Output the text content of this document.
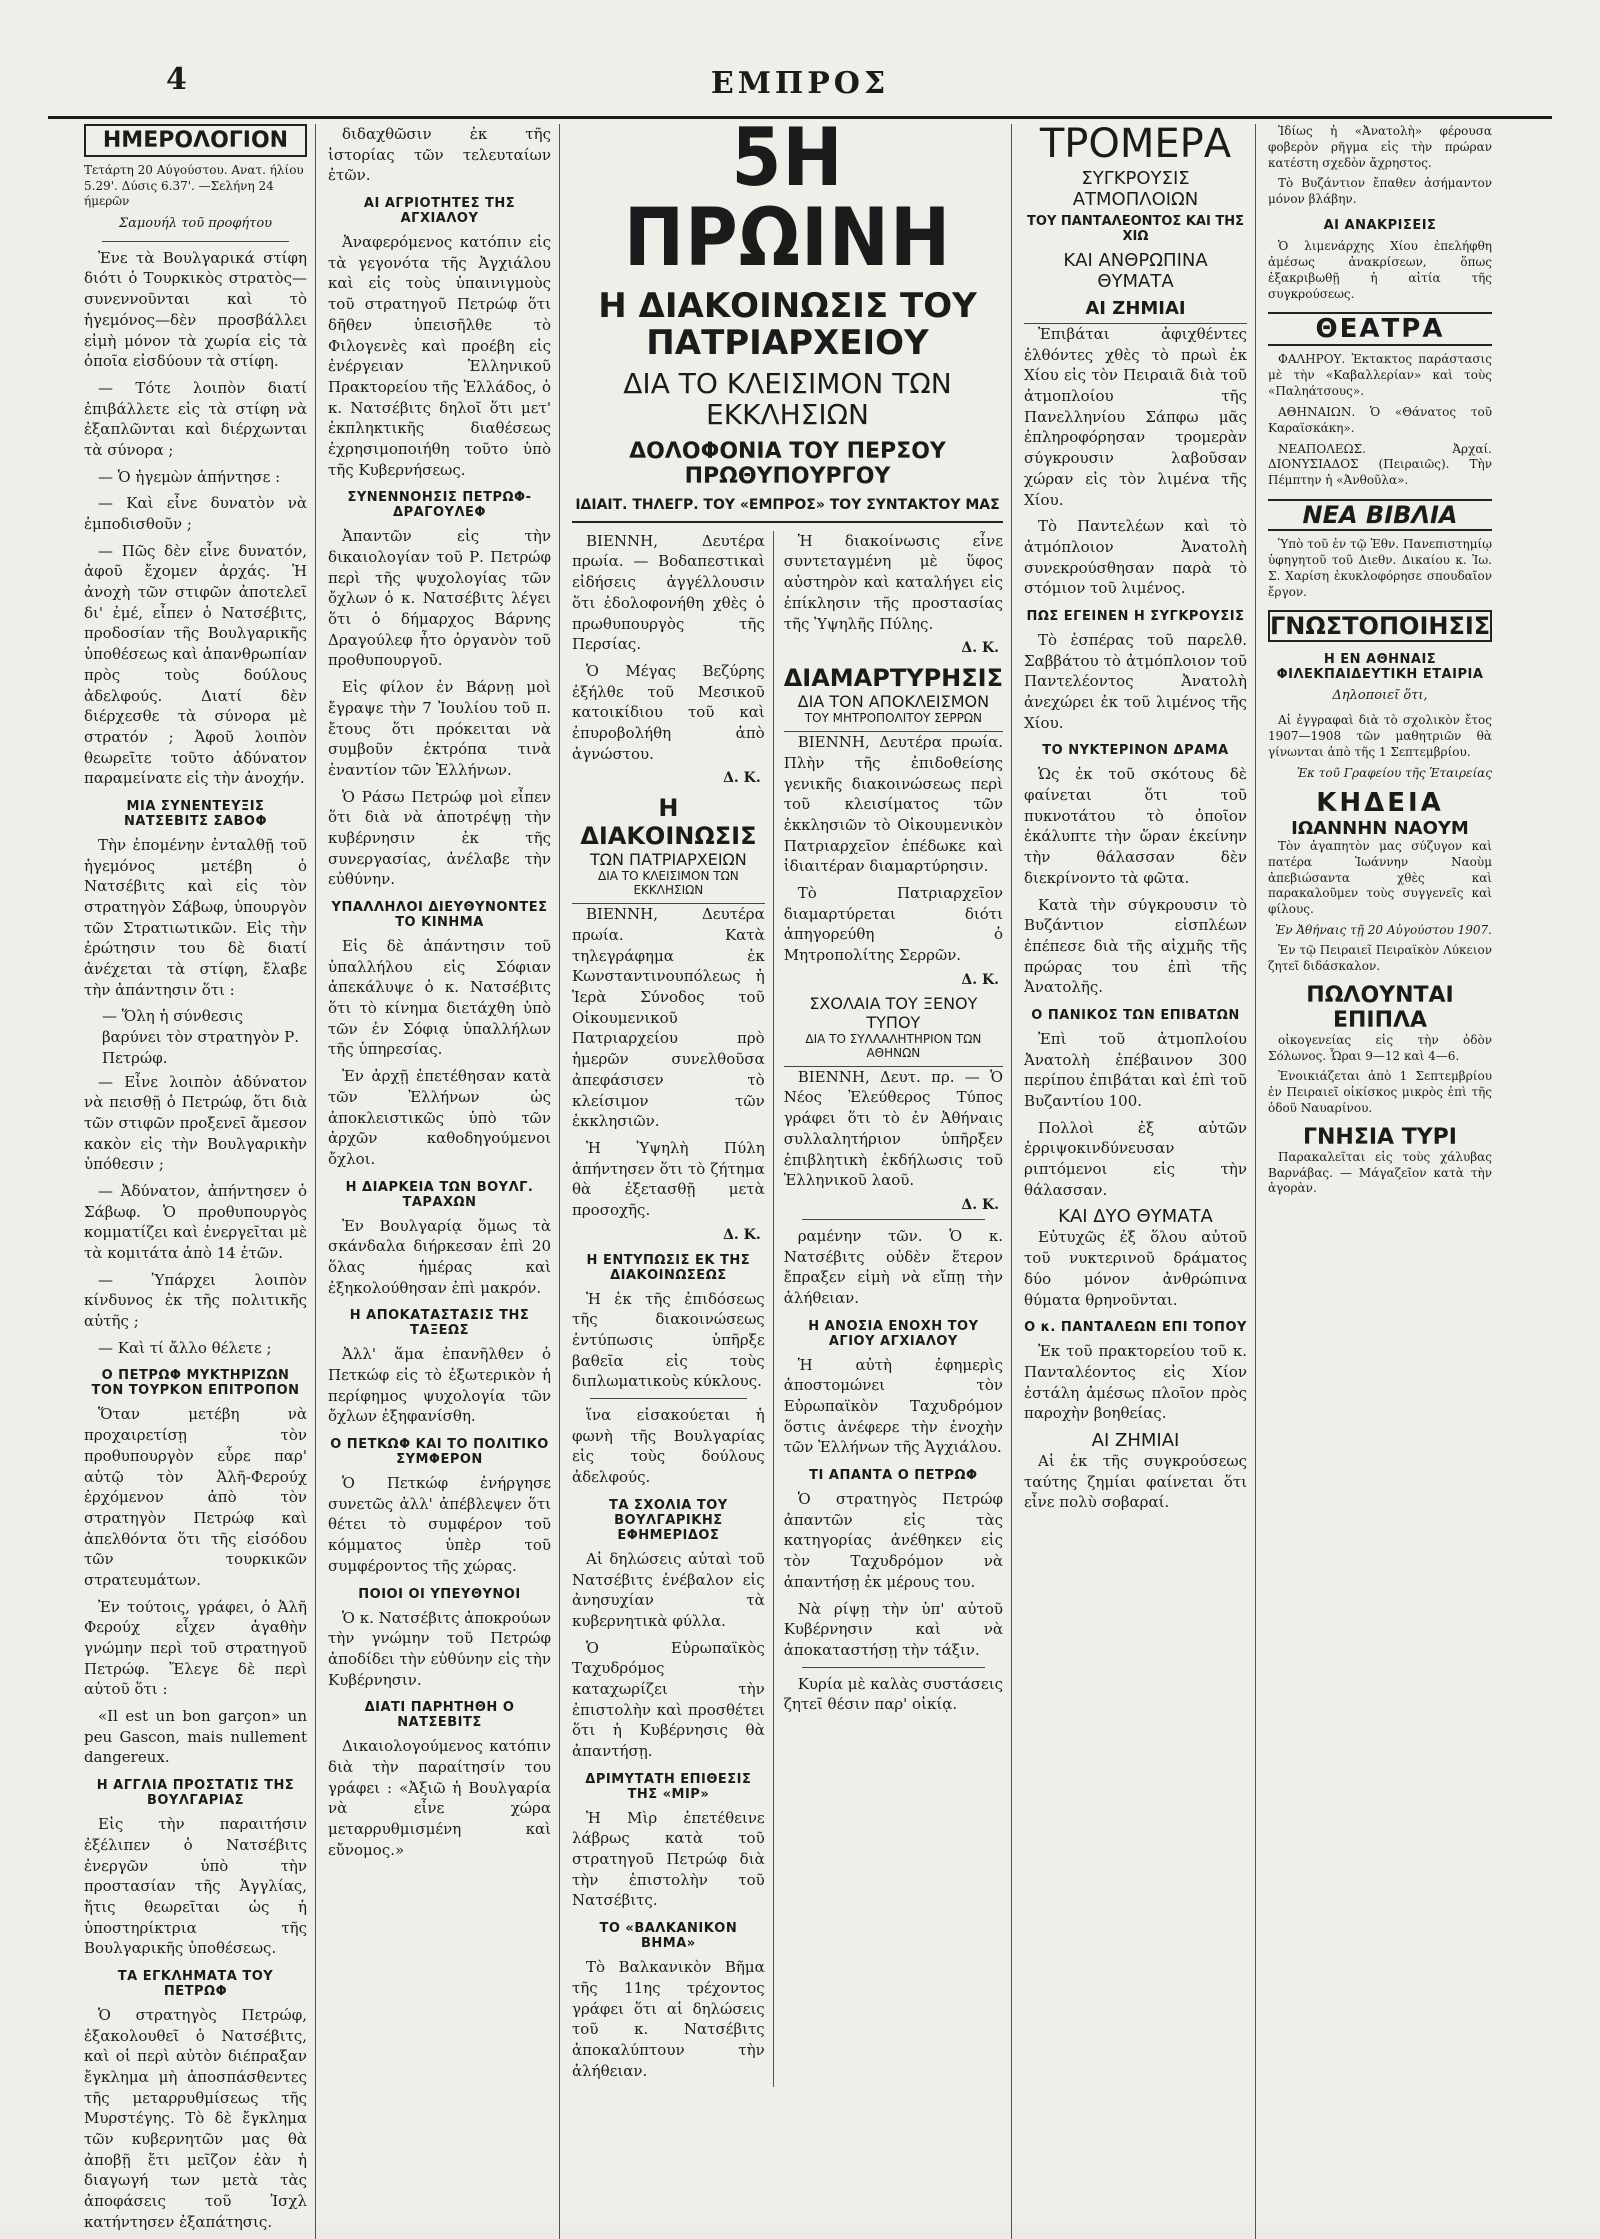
4	ΕΜΠΡΟΣ
ΗΜΕΡΟΛΟΓΙΟΝ
Τετάρτη 20 Αύγούστου. Ανατ. ήλίου 5.29'. Δύσις 6.37'. —Σελήνη 24 ήμερῶν
Σαμουήλ τοῦ προφήτου

Ἐνε τὰ Βουλγαρικά στίφη διότι ὁ Τουρκικὸς στρατὸς—συνεννοῦνται καὶ τὸ ἡγεμόνος—δὲν προσβάλλει εἰμὴ μόνον τὰ χωρία εἰς τὰ ὁποῖα εἰσδύουν τὰ στίφη.

— Τότε λοιπὸν διατί ἐπιβάλλετε εἰς τὰ στίφη νὰ ἐξαπλῶνται καὶ διέρχωνται τὰ σύνορα ;

— Ὁ ἡγεμὼν ἀπήντησε :

— Καὶ εἶνε δυνατὸν νὰ ἐμποδισθοῦν ;

— Πῶς δὲν εἶνε δυνατόν, ἀφοῦ ἔχομεν ἀρχάς. Ἡ ἀνοχὴ τῶν στιφῶν ἀποτελεῖ δι' ἐμέ, εἶπεν ὁ Νατσέβιτς, προδοσίαν τῆς Βουλγαρικῆς ὑποθέσεως καὶ ἀπανθρωπίαν πρὸς τοὺς δούλους ἀδελφούς. Διατί δὲν διέρχεσθε τὰ σύνορα μὲ στρατόν ; Ἀφοῦ λοιπὸν θεωρεῖτε τοῦτο ἀδύνατον παραμείνατε εἰς τὴν ἀνοχήν.

ΜΙΑ ΣΥΝΕΝΤΕΥΞΙΣ ΝΑΤΣΕΒΙΤΣ ΣΑΒΟΦ

Τὴν ἐπομένην ἐνταλθῇ τοῦ ἡγεμόνος μετέβη ὁ Νατσέβιτς καὶ εἰς τὸν στρατηγὸν Σάβωφ, ὑπουργὸν τῶν Στρατιωτικῶν. Εἰς τὴν ἐρώτησιν του δὲ διατί ἀνέχεται τὰ στίφη, ἔλαβε τὴν ἀπάντησιν ὅτι :

— Ὅλη ἡ σύνθεσις βαρύνει τὸν στρατηγὸν Ρ. Πετρώφ.

— Εἶνε λοιπὸν ἀδύνατον νὰ πεισθῇ ὁ Πετρώφ, ὅτι διὰ τῶν στιφῶν προξενεῖ ἄμεσον κακὸν εἰς τὴν Βουλγαρικὴν ὑπόθεσιν ;

— Ἀδύνατον, ἀπήντησεν ὁ Σάβωφ. Ὁ προθυπουργὸς κομματίζει καὶ ἐνεργεῖται μὲ τὰ κομιτάτα ἀπὸ 14 ἐτῶν.

— Ὑπάρχει λοιπὸν κίνδυνος ἐκ τῆς πολιτικῆς αὐτῆς ;

— Καὶ τί ἄλλο θέλετε ;

Ο ΠΕΤΡΩΦ ΜΥΚΤΗΡΙΖΩΝ ΤΟΝ ΤΟΥΡΚΟΝ ΕΠΙΤΡΟΠΟΝ

Ὅταν μετέβη νὰ προχαιρετίσῃ τὸν προθυπουργὸν εὗρε παρ' αὐτῷ τὸν Ἀλῆ-Φερούχ ἐρχόμενον ἀπὸ τὸν στρατηγὸν Πετρώφ καὶ ἀπελθόντα ὅτι τῆς εἰσόδου τῶν τουρκικῶν στρατευμάτων.

Ἐν τούτοις, γράφει, ὁ Ἀλῆ Φερούχ εἶχεν ἀγαθὴν γνώμην περὶ τοῦ στρατηγοῦ Πετρώφ. Ἔλεγε δὲ περὶ αὐτοῦ ὅτι :

«Il est un bon garçon» un peu Gascon, mais nullement dangereux.

Η ΑΓΓΛΙΑ ΠΡΟΣΤΑΤΙΣ ΤΗΣ ΒΟΥΛΓΑΡΙΑΣ

Εἰς τὴν παραιτήσιν ἐξέλιπεν ὁ Νατσέβιτς ἐνεργῶν ὑπὸ τὴν προστασίαν τῆς Ἀγγλίας, ἥτις θεωρεῖται ὡς ἡ ὑποστηρίκτρια τῆς Βουλγαρικῆς ὑποθέσεως.

ΤΑ ΕΓΚΛΗΜΑΤΑ ΤΟΥ ΠΕΤΡΩΦ

Ὁ στρατηγὸς Πετρώφ, ἐξακολουθεῖ ὁ Νατσέβιτς, καὶ οἱ περὶ αὐτὸν διέπραξαν ἔγκλημα μὴ ἀποσπάσθεντες τῆς μεταρρυθμίσεως τῆς Μυρστέγης. Τὸ δὲ ἔγκλημα τῶν κυβερνητῶν μας θὰ ἀποβῇ ἔτι μεῖζον ἐὰν ἡ διαγωγή των μετὰ τὰς ἀποφάσεις τοῦ Ἰσχλ κατήντησεν ἐξαπάτησις.

διδαχθῶσιν ἐκ τῆς ἱστορίας τῶν τελευταίων ἐτῶν.

ΑΙ ΑΓΡΙΟΤΗΤΕΣ ΤΗΣ ΑΓΧΙΑΛΟΥ

Ἀναφερόμενος κατόπιν εἰς τὰ γεγονότα τῆς Ἀγχιάλου καὶ εἰς τοὺς ὑπαινιγμοὺς τοῦ στρατηγοῦ Πετρώφ ὅτι δῆθεν ὑπεισῆλθε τὸ Φιλογενὲς καὶ προέβη εἰς ἐνέργειαν Ἑλληνικοῦ Πρακτορείου τῆς Ἑλλάδος, ὁ κ. Νατσέβιτς δηλοῖ ὅτι μετ' ἐκπληκτικῆς διαθέσεως ἐχρησιμοποιήθη τοῦτο ὑπὸ τῆς Κυβερνήσεως.

ΣΥΝΕΝΝΟΗΣΙΣ ΠΕΤΡΩΦ-ΔΡΑΓΟΥΛΕΦ

Ἀπαντῶν εἰς τὴν δικαιολογίαν τοῦ Ρ. Πετρώφ περὶ τῆς ψυχολογίας τῶν ὄχλων ὁ κ. Νατσέβιτς λέγει ὅτι ὁ δήμαρχος Βάρνης Δραγούλεφ ἦτο ὀργανὸν τοῦ προθυπουργοῦ.

Εἰς φίλον ἐν Βάρνῃ μοὶ ἔγραψε τὴν 7 Ἰουλίου τοῦ π. ἔτους ὅτι πρόκειται νὰ συμβοῦν ἐκτρόπα τινὰ ἐναντίον τῶν Ἑλλήνων.

Ὁ Ράσω Πετρώφ μοὶ εἶπεν ὅτι διὰ νὰ ἀποτρέψῃ τὴν κυβέρνησιν ἐκ τῆς συνεργασίας, ἀνέλαβε τὴν εὐθύνην.

ΥΠΑΛΛΗΛΟΙ ΔΙΕΥΘΥΝΟΝΤΕΣ ΤΟ ΚΙΝΗΜΑ

Εἰς δὲ ἀπάντησιν τοῦ ὑπαλλήλου εἰς Σόφιαν ἀπεκάλυψε ὁ κ. Νατσέβιτς ὅτι τὸ κίνημα διετάχθη ὑπὸ τῶν ἐν Σόφιᾳ ὑπαλλήλων τῆς ὑπηρεσίας.

Ἐν ἀρχῇ ἐπετέθησαν κατὰ τῶν Ἑλλήνων ὡς ἀποκλειστικῶς ὑπὸ τῶν ἀρχῶν καθοδηγούμενοι ὄχλοι.

Η ΔΙΑΡΚΕΙΑ ΤΩΝ ΒΟΥΛΓ. ΤΑΡΑΧΩΝ

Ἐν Βουλγαρίᾳ ὅμως τὰ σκάνδαλα διήρκεσαν ἐπὶ 20 ὅλας ἡμέρας καὶ ἐξηκολούθησαν ἐπὶ μακρόν.

Η ΑΠΟΚΑΤΑΣΤΑΣΙΣ ΤΗΣ ΤΑΞΕΩΣ

Ἀλλ' ἅμα ἐπανῆλθεν ὁ Πετκώφ εἰς τὸ ἐξωτερικὸν ἡ περίφημος ψυχολογία τῶν ὄχλων ἐξηφανίσθη.

Ο ΠΕΤΚΩΦ ΚΑΙ ΤΟ ΠΟΛΙΤΙΚΟ ΣΥΜΦΕΡΟΝ

Ὁ Πετκώφ ἐνήργησε συνετῶς ἀλλ' ἀπέβλεψεν ὅτι θέτει τὸ συμφέρον τοῦ κόμματος ὑπὲρ τοῦ συμφέροντος τῆς χώρας.

ΠΟΙΟΙ ΟΙ ΥΠΕΥΘΥΝΟΙ

Ὁ κ. Νατσέβιτς ἀποκρούων τὴν γνώμην τοῦ Πετρώφ ἀποδίδει τὴν εὐθύνην εἰς τὴν Κυβέρνησιν.

ΔΙΑΤΙ ΠΑΡΗΤΗΘΗ Ο ΝΑΤΣΕΒΙΤΣ

Δικαιολογούμενος κατόπιν διὰ τὴν παραίτησίν του γράφει : «Ἀξιῶ ἡ Βουλγαρία νὰ εἶνε χώρα μεταρρυθμισμένη καὶ εὔνομος.»

5Η ΠΡΩΙΝΗ
Η ΔΙΑΚΟΙΝΩΣΙΣ ΤΟΥ ΠΑΤΡΙΑΡΧΕΙΟΥ
ΔΙΑ ΤΟ ΚΛΕΙΣΙΜΟΝ ΤΩΝ ΕΚΚΛΗΣΙΩΝ
ΔΟΛΟΦΟΝΙΑ ΤΟΥ ΠΕΡΣΟΥ ΠΡΩΘΥΠΟΥΡΓΟΥ
ΙΔΙΑΙΤ. ΤΗΛΕΓΡ. ΤΟΥ «ΕΜΠΡΟΣ» ΤΟΥ ΣΥΝΤΑΚΤΟΥ ΜΑΣ

ΒΙΕΝΝΗ, Δευτέρα πρωία. — Βοδαπεστικαὶ εἰδήσεις ἀγγέλλουσιν ὅτι ἐδολοφονήθη χθὲς ὁ πρωθυπουργὸς τῆς Περσίας.

Ὁ Μέγας Βεζύρης ἐξήλθε τοῦ Μεσικοῦ κατοικίδιου τοῦ καὶ ἐπυροβολήθη ἀπὸ ἀγνώστου.

Δ. Κ.
Η ΔΙΑΚΟΙΝΩΣΙΣ
ΤΩΝ ΠΑΤΡΙΑΡΧΕΙΩΝ
ΔΙΑ ΤΟ ΚΛΕΙΣΙΜΟΝ ΤΩΝ ΕΚΚΛΗΣΙΩΝ

ΒΙΕΝΝΗ, Δευτέρα πρωία. Κατὰ τηλεγράφημα ἐκ Κωνσταντινουπόλεως ἡ Ἱερὰ Σύνοδος τοῦ Οἰκουμενικοῦ Πατριαρχείου πρὸ ἡμερῶν συνελθοῦσα ἀπεφάσισεν τὸ κλείσιμον τῶν ἐκκλησιῶν.

Ἡ Ὑψηλὴ Πύλη ἀπήντησεν ὅτι τὸ ζήτημα θὰ ἐξετασθῇ μετὰ προσοχῆς.

Δ. Κ.
Η ΕΝΤΥΠΩΣΙΣ ΕΚ ΤΗΣ ΔΙΑΚΟΙΝΩΣΕΩΣ

Ἡ ἐκ τῆς ἐπιδόσεως τῆς διακοινώσεως ἐντύπωσις ὑπῆρξε βαθεῖα εἰς τοὺς διπλωματικοὺς κύκλους.

ἵνα εἰσακούεται ἡ φωνὴ τῆς Βουλγαρίας εἰς τοὺς δούλους ἀδελφούς.

ΤΑ ΣΧΟΛΙΑ ΤΟΥ ΒΟΥΛΓΑΡΙΚΗΣ ΕΦΗΜΕΡΙΔΟΣ

Αἱ δηλώσεις αὐταὶ τοῦ Νατσέβιτς ἐνέβαλον εἰς ἀνησυχίαν τὰ κυβερνητικὰ φύλλα.

Ὁ Εὐρωπαϊκὸς Ταχυδρόμος καταχωρίζει τὴν ἐπιστολὴν καὶ προσθέτει ὅτι ἡ Κυβέρνησις θὰ ἀπαντήσῃ.

ΔΡΙΜΥΤΑΤΗ ΕΠΙΘΕΣΙΣ ΤΗΣ «ΜΙΡ»

Ἡ Μὶρ ἐπετέθεινε λάβρως κατὰ τοῦ στρατηγοῦ Πετρώφ διὰ τὴν ἐπιστολὴν τοῦ Νατσέβιτς.

ΤΟ «ΒΑΛΚΑΝΙΚΟΝ ΒΗΜΑ»

Τὸ Βαλκανικὸν Βῆμα τῆς 11ης τρέχοντος γράφει ὅτι αἱ δηλώσεις τοῦ κ. Νατσέβιτς ἀποκαλύπτουν τὴν ἀλήθειαν.

Ἡ διακοίνωσις εἶνε συντεταγμένη μὲ ὕφος αὐστηρὸν καὶ καταλήγει εἰς ἐπίκλησιν τῆς προστασίας τῆς Ὑψηλῆς Πύλης.

Δ. Κ.
ΔΙΑΜΑΡΤΥΡΗΣΙΣ
ΔΙΑ ΤΟΝ ΑΠΟΚΛΕΙΣΜΟΝ
ΤΟΥ ΜΗΤΡΟΠΟΛΙΤΟΥ ΣΕΡΡΩΝ

ΒΙΕΝΝΗ, Δευτέρα πρωία. Πλὴν τῆς ἐπιδοθείσης γενικῆς διακοινώσεως περὶ τοῦ κλεισίματος τῶν ἐκκλησιῶν τὸ Οἰκουμενικὸν Πατριαρχεῖον ἐπέδωκε καὶ ἰδιαιτέραν διαμαρτύρησιν.

Τὸ Πατριαρχεῖον διαμαρτύρεται διότι ἀπηγορεύθη ὁ Μητροπολίτης Σερρῶν.

Δ. Κ.
ΣΧΟΛΑΙΑ ΤΟΥ ΞΕΝΟΥ ΤΥΠΟΥ
ΔΙΑ ΤΟ ΣΥΛΛΑΛΗΤΗΡΙΟΝ ΤΩΝ ΑΘΗΝΩΝ

ΒΙΕΝΝΗ, Δευτ. πρ. — Ὁ Νέος Ἐλεύθερος Τύπος γράφει ὅτι τὸ ἐν Ἀθήναις συλλαλητήριον ὑπῆρξεν ἐπιβλητικὴ ἐκδήλωσις τοῦ Ἑλληνικοῦ λαοῦ.

Δ. Κ.

ραμένην τῶν. Ὁ κ. Νατσέβιτς οὐδὲν ἕτερον ἔπραξεν εἰμὴ νὰ εἴπῃ τὴν ἀλήθειαν.

Η ΑΝΟΣΙΑ ΕΝΟΧΗ ΤΟΥ ΑΓΙΟΥ ΑΓΧΙΑΛΟΥ

Ἡ αὐτὴ ἐφημερὶς ἀποστομώνει τὸν Εὐρωπαϊκὸν Ταχυδρόμον ὅστις ἀνέφερε τὴν ἐνοχὴν τῶν Ἑλλήνων τῆς Ἀγχιάλου.

ΤΙ ΑΠΑΝΤΑ Ο ΠΕΤΡΩΦ

Ὁ στρατηγὸς Πετρώφ ἀπαντῶν εἰς τὰς κατηγορίας ἀνέθηκεν εἰς τὸν Ταχυδρόμον νὰ ἀπαντήσῃ ἐκ μέρους του.

Νὰ ρίψῃ τὴν ὑπ' αὐτοῦ Κυβέρνησιν καὶ νὰ ἀποκαταστήσῃ τὴν τάξιν.

Κυρία μὲ καλὰς συστάσεις ζητεῖ θέσιν παρ' οἰκίᾳ.

ΤΡΟΜΕΡΑ
ΣΥΓΚΡΟΥΣΙΣ ΑΤΜΟΠΛΟΙΩΝ
ΤΟΥ ΠΑΝΤΑΛΕΟΝΤΟΣ ΚΑΙ ΤΗΣ ΧΙΩ
ΚΑΙ ΑΝΘΡΩΠΙΝΑ ΘΥΜΑΤΑ
ΑΙ ΖΗΜΙΑΙ

Ἐπιβάται ἀφιχθέντες ἐλθόντες χθὲς τὸ πρωὶ ἐκ Χίου εἰς τὸν Πειραιᾶ διὰ τοῦ ἀτμοπλοίου τῆς Πανελληνίου Σάπφω μᾶς ἐπληροφόρησαν τρομερὰν σύγκρουσιν λαβοῦσαν χώραν εἰς τὸν λιμένα τῆς Χίου.

Τὸ Παντελέων καὶ τὸ ἀτμόπλοιον Ἀνατολὴ συνεκρούσθησαν παρὰ τὸ στόμιον τοῦ λιμένος.

ΠΩΣ ΕΓΕΙΝΕΝ Η ΣΥΓΚΡΟΥΣΙΣ

Τὸ ἑσπέρας τοῦ παρελθ. Σαββάτου τὸ ἀτμόπλοιον τοῦ Παντελέοντος Ἀνατολὴ ἀνεχώρει ἐκ τοῦ λιμένος τῆς Χίου.

ΤΟ ΝΥΚΤΕΡΙΝΟΝ ΔΡΑΜΑ

Ὡς ἐκ τοῦ σκότους δὲ φαίνεται ὅτι τοῦ πυκνοτάτου τὸ ὁποῖον ἐκάλυπτε τὴν ὥραν ἐκείνην τὴν θάλασσαν δὲν διεκρίνοντο τὰ φῶτα.

Κατὰ τὴν σύγκρουσιν τὸ Βυζάντιον εἰσπλέων ἐπέπεσε διὰ τῆς αἰχμῆς τῆς πρώρας του ἐπὶ τῆς Ἀνατολῆς.

Ο ΠΑΝΙΚΟΣ ΤΩΝ ΕΠΙΒΑΤΩΝ

Ἐπὶ τοῦ ἀτμοπλοίου Ἀνατολὴ ἐπέβαινον 300 περίπου ἐπιβάται καὶ ἐπὶ τοῦ Βυζαντίου 100.

Πολλοὶ ἐξ αὐτῶν ἐρριψοκινδύνευσαν ριπτόμενοι εἰς τὴν θάλασσαν.

ΚΑΙ ΔΥΟ ΘΥΜΑΤΑ

Εὐτυχῶς ἐξ ὅλου αὐτοῦ τοῦ νυκτερινοῦ δράματος δύο μόνον ἀνθρώπινα θύματα θρηνοῦνται.

Ο κ. ΠΑΝΤΑΛΕΩΝ ΕΠΙ ΤΟΠΟΥ

Ἐκ τοῦ πρακτορείου τοῦ κ. Πανταλέοντος εἰς Χίον ἐστάλη ἀμέσως πλοῖον πρὸς παροχὴν βοηθείας.

ΑΙ ΖΗΜΙΑΙ

Αἱ ἐκ τῆς συγκρούσεως ταύτης ζημίαι φαίνεται ὅτι εἶνε πολὺ σοβαραί.

Ἰδίως ἡ «Ἀνατολὴ» φέρουσα φοβερὸν ρῆγμα εἰς τὴν πρώραν κατέστη σχεδὸν ἄχρηστος.

Τὸ Βυζάντιον ἔπαθεν ἀσήμαντον μόνον βλάβην.

ΑΙ ΑΝΑΚΡΙΣΕΙΣ

Ὁ λιμενάρχης Χίου ἐπελήφθη ἀμέσως ἀνακρίσεων, ὅπως ἐξακριβωθῇ ἡ αἰτία τῆς συγκρούσεως.

ΘΕΑΤΡΑ

ΦΑΛΗΡΟΥ. Ἐκτακτος παράστασις μὲ τὴν «Καβαλλερίαν» καὶ τοὺς «Παληάτσους».

ΑΘΗΝΑΙΩΝ. Ὁ «Θάνατος τοῦ Καραϊσκάκη».

ΝΕΑΠΟΛΕΩΣ. Ἀρχαί. ΔΙΟΝΥΣΙΑΔΟΣ (Πειραιῶς). Τὴν Πέμπτην ἡ «Ἀνθοῦλα».

ΝΕΑ ΒΙΒΛΙΑ

Ὑπὸ τοῦ ἐν τῷ Ἐθν. Πανεπιστημίῳ ὑφηγητοῦ τοῦ Διεθν. Δικαίου κ. Ἰω. Σ. Χαρίση ἐκυκλοφόρησε σπουδαῖον ἔργον.

ΓΝΩΣΤΟΠΟΙΗΣΙΣ
Η ΕΝ ΑΘΗΝΑΙΣ ΦΙΛΕΚΠΑΙΔΕΥΤΙΚΗ ΕΤΑΙΡΙΑ
Δηλοποιεῖ ὅτι,

Αἱ ἐγγραφαὶ διὰ τὸ σχολικὸν ἔτος 1907—1908 τῶν μαθητριῶν θὰ γίνωνται ἀπὸ τῆς 1 Σεπτεμβρίου.

Ἐκ τοῦ Γραφείου τῆς Ἑταιρείας
ΚΗΔΕΙΑ
ΙΩΑΝΝΗΝ ΝΑΟΥΜ

Τὸν ἀγαπητὸν μας σύζυγον καὶ πατέρα Ἰωάννην Ναοὺμ ἀπεβιώσαντα χθὲς καὶ παρακαλοῦμεν τοὺς συγγενεῖς καὶ φίλους.

Ἐν Ἀθήναις τῇ 20 Αὐγούστου 1907.

Ἐν τῷ Πειραιεῖ Πειραϊκὸν Λύκειον ζητεῖ διδάσκαλον.

ΠΩΛΟΥΝΤΑΙ ΕΠΙΠΛΑ

οἰκογενείας εἰς τὴν ὁδὸν Σόλωνος. Ὧραι 9—12 καὶ 4—6.

Ἐνοικιάζεται ἀπὸ 1 Σεπτεμβρίου ἐν Πειραιεῖ οἰκίσκος μικρὸς ἐπὶ τῆς ὁδοῦ Ναυαρίνου.

ΓΝΗΣΙΑ ΤΥΡΙ

Παρακαλεῖται εἰς τοὺς χάλυβας Βαρνάβας. — Μάγαζεῖον κατὰ τὴν ἀγορὰν.
